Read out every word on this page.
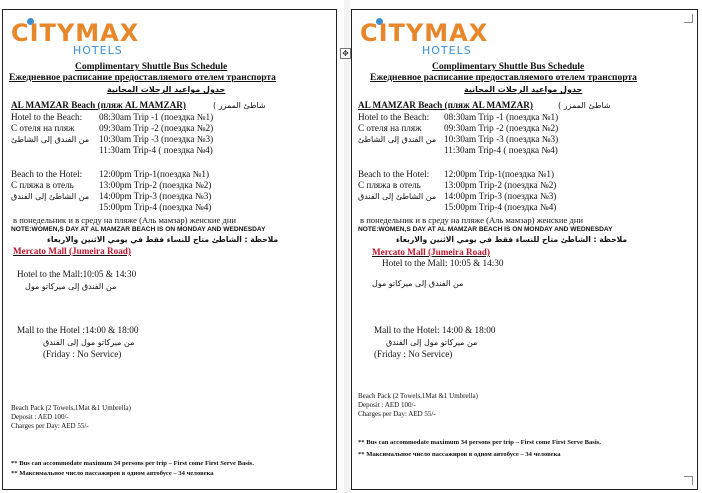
✥
CITYMAX
HOTELS
Complimentary Shuttle Bus Schedule
Ежедневное расписание предоставляемого отелем транспорта
جدول مواعيد الرحلات المجانية
AL MAMZAR Beach (пляж AL MAMZAR)	( شاطئ الممزر
Hotel to the Beach: 08:30am Trip -1 (поездка №1)
С отеля на пляж	09:30am Trip -2 (поездка №2)
من الفندق إلى الشاطئ 10:30am Trip -3 (поездка №3)
11:30am Trip-4 ( поездка №4)
Beach to the Hotel: 12:00pm Trip-1(поездка №1)
С пляжа в отель	13:00pm Trip-2 (поездка №2)
من الشاطئ إلى الفندق 14:00pm Trip-3 (поездка №3)
15:00pm Trip-4 (поездка №4)
в понедельник и в среду на пляже (Аль мамзар) женские дни
NOTE:WOMEN,S DAY AT AL MAMZAR BEACH IS ON MONDAY AND WEDNESDAY
ملاحظة : الشاطئ متاح للنساء فقط في يومي الاثنين والاربعاء
Mercato Mall (Jumeira Road)
Hotel to the Mall:10:05 & 14:30
من الفندق إلى ميركاتو مول
Mall to the Hotel :14:00 & 18:00
من ميركاتو مول إلى الفندق
(Friday : No Service)
Beach Pack (2 Towels,1Mat &1 Umbrella)
Deposit : AED 100/-
Charges per Day: AED 55/-
** Bus can accommodate maximum 34 persons per trip – First come First Serve Basis.
** Максимальное число пассажиров в одном автобусе – 34 человека
CITYMAX
HOTELS
Complimentary Shuttle Bus Schedule
Ежедневное расписание предоставляемого отелем транспорта
جدول مواعيد الرحلات المجانية
AL MAMZAR Beach (пляж AL MAMZAR)	( شاطئ الممزر
Hotel to the Beach: 08:30am Trip -1 (поездка №1)
С отеля на пляж 09:30am Trip -2 (поездка №2)
من الفندق إلى الشاطئ 10:30am Trip -3 (поездка №3)
11:30am Trip-4 ( поездка №4)
Beach to the Hotel: 12:00pm Trip-1(поездка №1)
С пляжа в отель	13:00pm Trip-2 (поездка №2)
من الشاطئ إلى الفندق 14:00pm Trip-3 (поездка №3)
15:00pm Trip-4 (поездка №4)
в понедельник и в среду на пляже (Аль мамзар) женские дни
NOTE:WOMEN,S DAY AT AL MAMZAR BEACH IS ON MONDAY AND WEDNESDAY
ملاحظة : الشاطئ متاح للنساء فقط في يومي الاثنين والاربعاء
Mercato Mall (Jumeira Road)
Hotel to the Mall: 10:05 & 14:30
من الفندق إلى ميركاتو مول
Mall to the Hotel: 14:00 & 18:00
من ميركاتو مول إلى الفندق
(Friday : No Service)
Beach Pack (2 Towels,1Mat &1 Umbrella)
Deposit : AED 100/-
Charges per Day: AED 55/-
** Bus can accommodate maximum 34 persons per trip – First come First Serve Basis.
** Максимальное число пассажиров в одном автобусе – 34 человека
